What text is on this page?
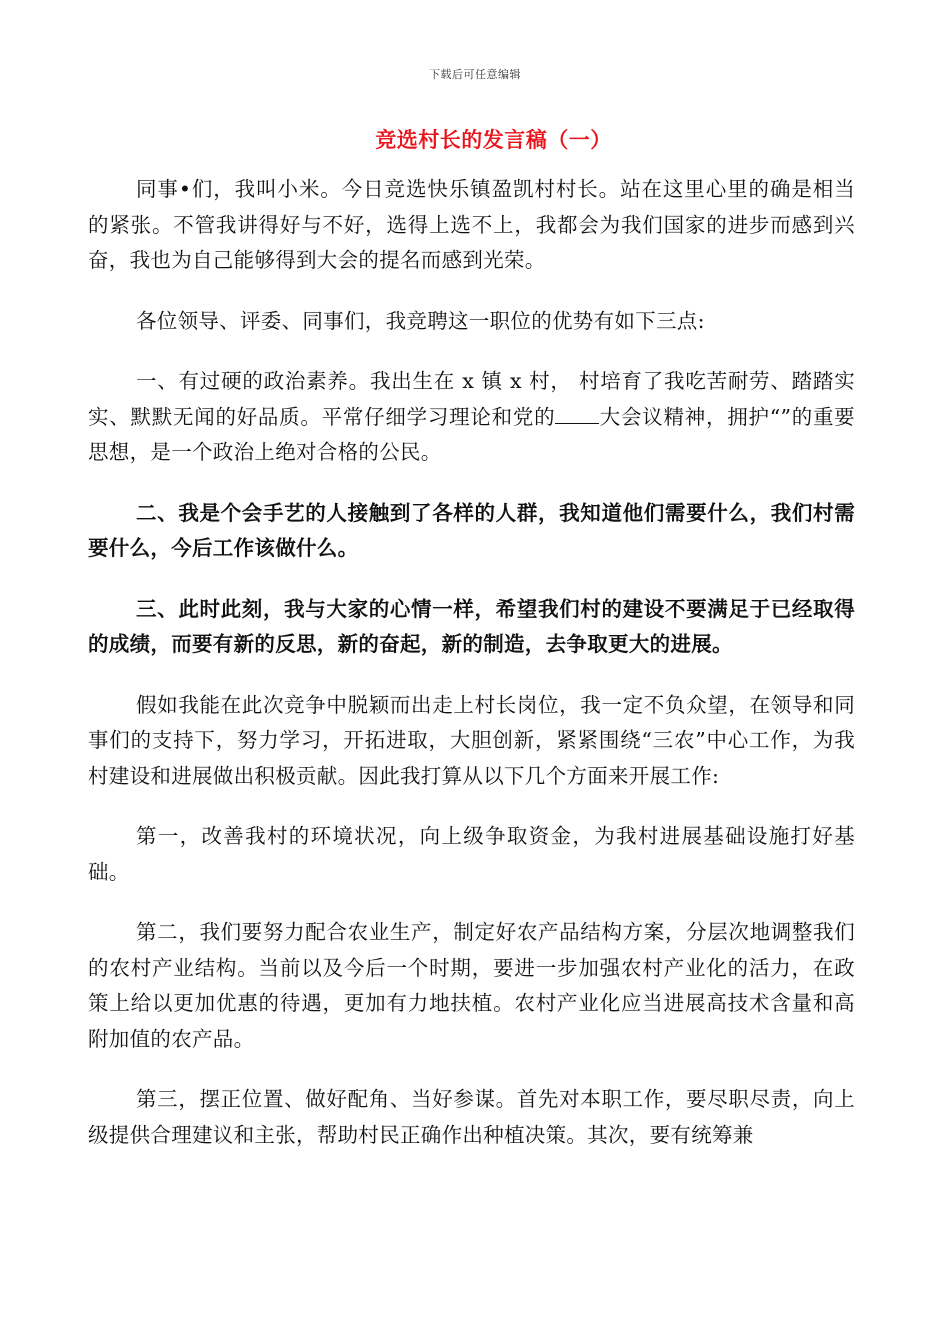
下载后可任意编辑
竞选村长的发言稿（一）

同事•们，我叫小米。今日竞选快乐镇盈凯村村长。站在这里心里的确是相当的紧张。不管我讲得好与不好，选得上选不上，我都会为我们国家的进步而感到兴奋，我也为自己能够得到大会的提名而感到光荣。

各位领导、评委、同事们，我竞聘这一职位的优势有如下三点:

一、有过硬的政治素养。我出生在 x 镇 x 村， 村培育了我吃苦耐劳、踏踏实实、默默无闻的好品质。平常仔细学习理论和党的 大会议精神，拥护“”的重要思想，是一个政治上绝对合格的公民。

二、我是个会手艺的人接触到了各样的人群，我知道他们需要什么，我们村需要什么，今后工作该做什么。

三、此时此刻，我与大家的心情一样，希望我们村的建设不要满足于已经取得的成绩，而要有新的反思，新的奋起，新的制造，去争取更大的进展。

假如我能在此次竞争中脱颖而出走上村长岗位，我一定不负众望，在领导和同事们的支持下，努力学习，开拓进取，大胆创新，紧紧围绕“三农”中心工作，为我村建设和进展做出积极贡献。因此我打算从以下几个方面来开展工作:

第一，改善我村的环境状况，向上级争取资金，为我村进展基础设施打好基础。

第二，我们要努力配合农业生产，制定好农产品结构方案，分层次地调整我们的农村产业结构。当前以及今后一个时期，要进一步加强农村产业化的活力，在政策上给以更加优惠的待遇，更加有力地扶植。农村产业化应当进展高技术含量和高附加值的农产品。

第三，摆正位置、做好配角、当好参谋。首先对本职工作，要尽职尽责，向上级提供合理建议和主张，帮助村民正确作出种植决策。其次，要有统筹兼
